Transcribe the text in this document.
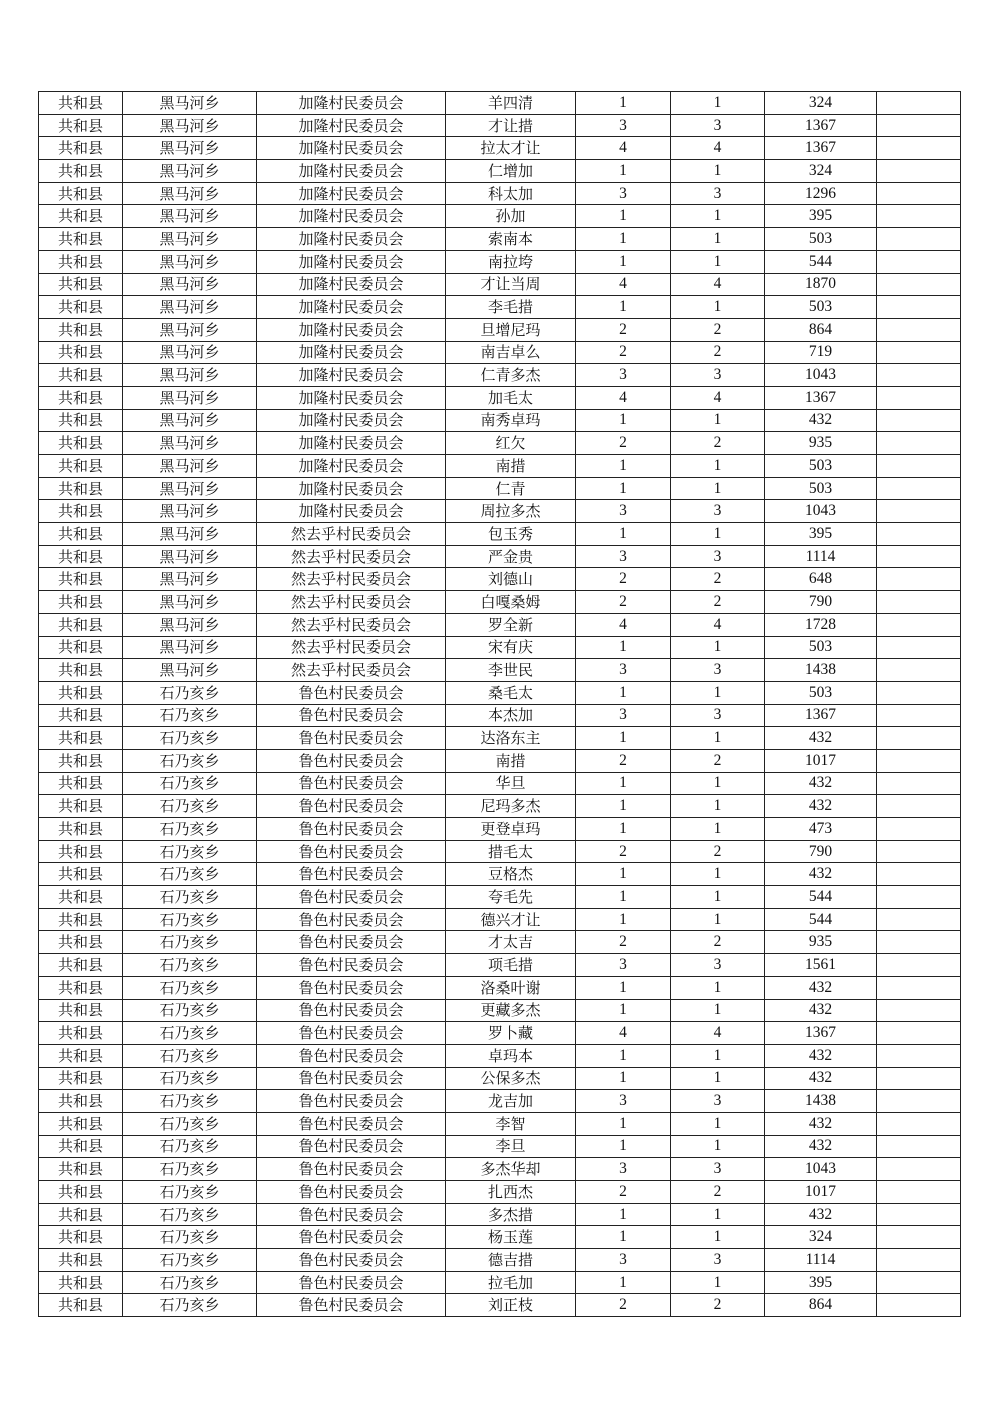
共和县	黑马河乡	加隆村民委员会	羊四清	1	1	324	
共和县	黑马河乡	加隆村民委员会	才让措	3	3	1367	
共和县	黑马河乡	加隆村民委员会	拉太才让	4	4	1367	
共和县	黑马河乡	加隆村民委员会	仁增加	1	1	324	
共和县	黑马河乡	加隆村民委员会	科太加	3	3	1296	
共和县	黑马河乡	加隆村民委员会	孙加	1	1	395	
共和县	黑马河乡	加隆村民委员会	索南本	1	1	503	
共和县	黑马河乡	加隆村民委员会	南拉垮	1	1	544	
共和县	黑马河乡	加隆村民委员会	才让当周	4	4	1870	
共和县	黑马河乡	加隆村民委员会	李毛措	1	1	503	
共和县	黑马河乡	加隆村民委员会	旦增尼玛	2	2	864	
共和县	黑马河乡	加隆村民委员会	南吉卓么	2	2	719	
共和县	黑马河乡	加隆村民委员会	仁青多杰	3	3	1043	
共和县	黑马河乡	加隆村民委员会	加毛太	4	4	1367	
共和县	黑马河乡	加隆村民委员会	南秀卓玛	1	1	432	
共和县	黑马河乡	加隆村民委员会	红欠	2	2	935	
共和县	黑马河乡	加隆村民委员会	南措	1	1	503	
共和县	黑马河乡	加隆村民委员会	仁青	1	1	503	
共和县	黑马河乡	加隆村民委员会	周拉多杰	3	3	1043	
共和县	黑马河乡	然去乎村民委员会	包玉秀	1	1	395	
共和县	黑马河乡	然去乎村民委员会	严金贵	3	3	1114	
共和县	黑马河乡	然去乎村民委员会	刘德山	2	2	648	
共和县	黑马河乡	然去乎村民委员会	白嘎桑姆	2	2	790	
共和县	黑马河乡	然去乎村民委员会	罗全新	4	4	1728	
共和县	黑马河乡	然去乎村民委员会	宋有庆	1	1	503	
共和县	黑马河乡	然去乎村民委员会	李世民	3	3	1438	
共和县	石乃亥乡	鲁色村民委员会	桑毛太	1	1	503	
共和县	石乃亥乡	鲁色村民委员会	本杰加	3	3	1367	
共和县	石乃亥乡	鲁色村民委员会	达洛东主	1	1	432	
共和县	石乃亥乡	鲁色村民委员会	南措	2	2	1017	
共和县	石乃亥乡	鲁色村民委员会	华旦	1	1	432	
共和县	石乃亥乡	鲁色村民委员会	尼玛多杰	1	1	432	
共和县	石乃亥乡	鲁色村民委员会	更登卓玛	1	1	473	
共和县	石乃亥乡	鲁色村民委员会	措毛太	2	2	790	
共和县	石乃亥乡	鲁色村民委员会	豆格杰	1	1	432	
共和县	石乃亥乡	鲁色村民委员会	夸毛先	1	1	544	
共和县	石乃亥乡	鲁色村民委员会	德兴才让	1	1	544	
共和县	石乃亥乡	鲁色村民委员会	才太吉	2	2	935	
共和县	石乃亥乡	鲁色村民委员会	项毛措	3	3	1561	
共和县	石乃亥乡	鲁色村民委员会	洛桑叶谢	1	1	432	
共和县	石乃亥乡	鲁色村民委员会	更藏多杰	1	1	432	
共和县	石乃亥乡	鲁色村民委员会	罗卜藏	4	4	1367	
共和县	石乃亥乡	鲁色村民委员会	卓玛本	1	1	432	
共和县	石乃亥乡	鲁色村民委员会	公保多杰	1	1	432	
共和县	石乃亥乡	鲁色村民委员会	龙吉加	3	3	1438	
共和县	石乃亥乡	鲁色村民委员会	李智	1	1	432	
共和县	石乃亥乡	鲁色村民委员会	李旦	1	1	432	
共和县	石乃亥乡	鲁色村民委员会	多杰华却	3	3	1043	
共和县	石乃亥乡	鲁色村民委员会	扎西杰	2	2	1017	
共和县	石乃亥乡	鲁色村民委员会	多杰措	1	1	432	
共和县	石乃亥乡	鲁色村民委员会	杨玉莲	1	1	324	
共和县	石乃亥乡	鲁色村民委员会	德吉措	3	3	1114	
共和县	石乃亥乡	鲁色村民委员会	拉毛加	1	1	395	
共和县	石乃亥乡	鲁色村民委员会	刘正枝	2	2	864	
